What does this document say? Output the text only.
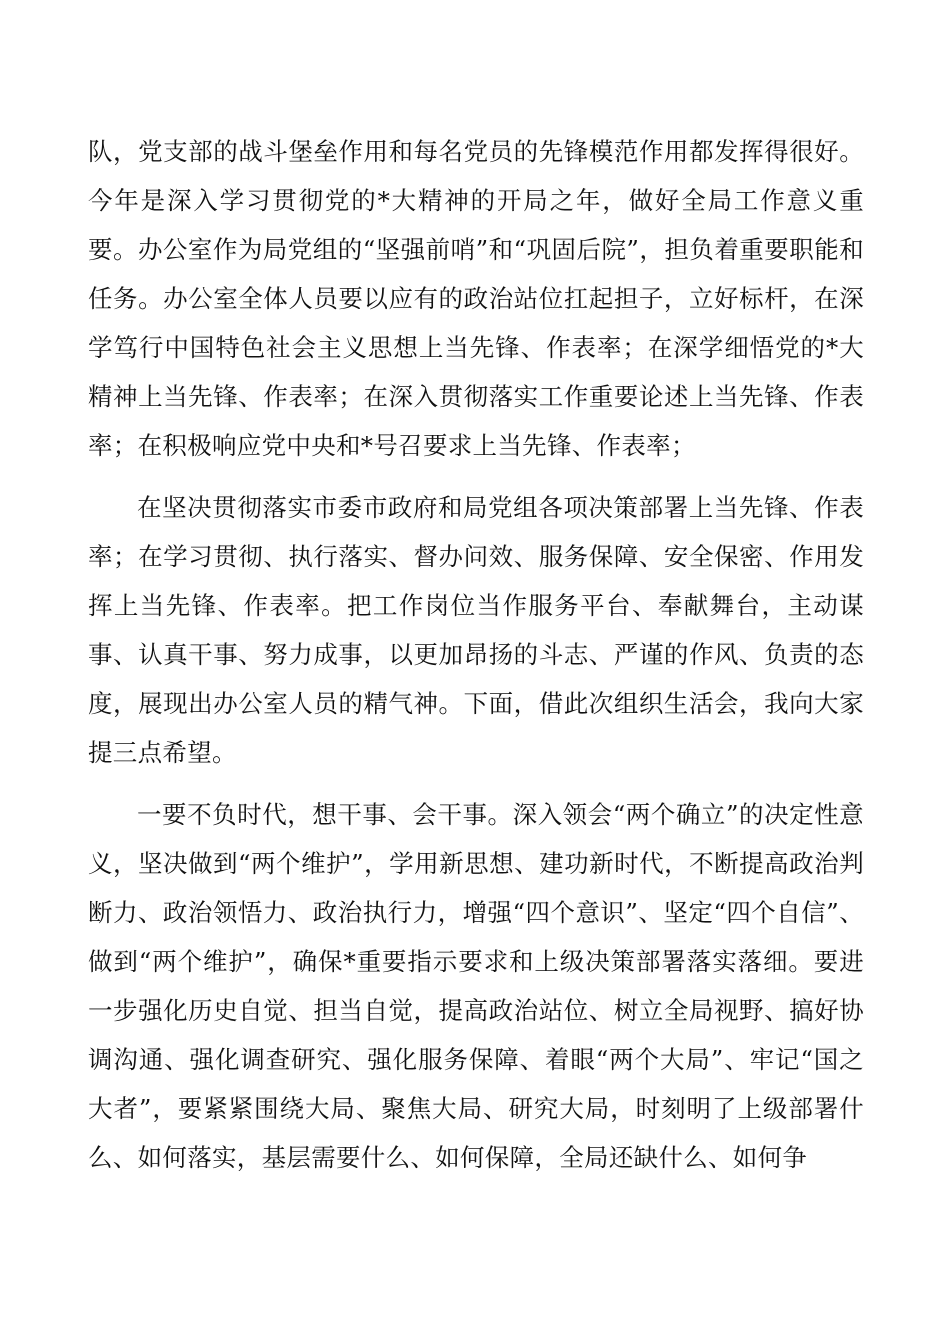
队，党支部的战斗堡垒作用和每名党员的先锋模范作用都发挥得很好。今年是深入学习贯彻党的*大精神的开局之年，做好全局工作意义重要。办公室作为局党组的“坚强前哨”和“巩固后院”，担负着重要职能和任务。办公室全体人员要以应有的政治站位扛起担子，立好标杆，在深学笃行中国特色社会主义思想上当先锋、作表率；在深学细悟党的*大精神上当先锋、作表率；在深入贯彻落实工作重要论述上当先锋、作表率；在积极响应党中央和*号召要求上当先锋、作表率；

在坚决贯彻落实市委市政府和局党组各项决策部署上当先锋、作表率；在学习贯彻、执行落实、督办问效、服务保障、安全保密、作用发挥上当先锋、作表率。把工作岗位当作服务平台、奉献舞台，主动谋事、认真干事、努力成事，以更加昂扬的斗志、严谨的作风、负责的态度，展现出办公室人员的精气神。下面，借此次组织生活会，我向大家提三点希望。

一要不负时代，想干事、会干事。深入领会“两个确立”的决定性意义，坚决做到“两个维护”，学用新思想、建功新时代，不断提高政治判断力、政治领悟力、政治执行力，增强“四个意识”、坚定“四个自信”、做到“两个维护”，确保*重要指示要求和上级决策部署落实落细。要进一步强化历史自觉、担当自觉，提高政治站位、树立全局视野、搞好协调沟通、强化调查研究、强化服务保障、着眼“两个大局”、牢记“国之大者”，要紧紧围绕大局、聚焦大局、研究大局，时刻明了上级部署什么、如何落实，基层需要什么、如何保障，全局还缺什么、如何争
